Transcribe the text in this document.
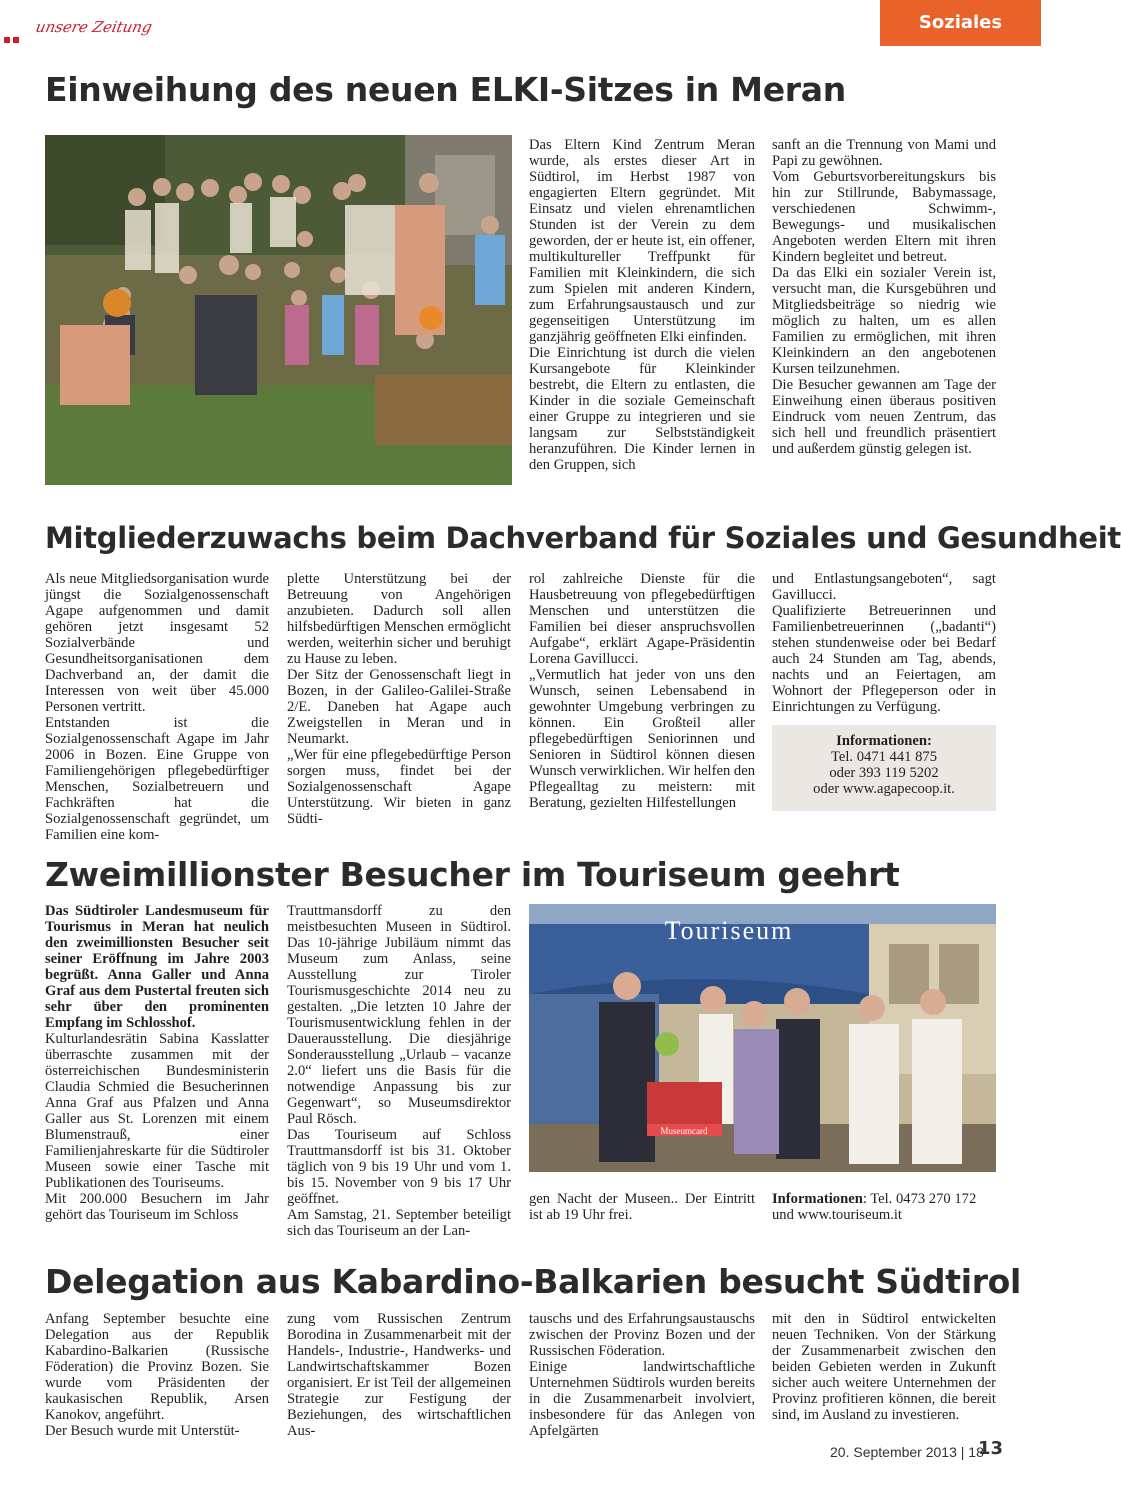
unsere Zeitung	Soziales
Einweihung des neuen ELKI-Sitzes in Meran

Das Eltern Kind Zentrum Meran wurde, als erstes dieser Art in Südtirol, im Herbst 1987 von engagierten Eltern gegründet. Mit Einsatz und vielen ehrenamtlichen Stunden ist der Verein zu dem geworden, der er heute ist, ein offener, multikultureller Treffpunkt für Familien mit Kleinkindern, die sich zum Spielen mit anderen Kindern, zum Erfahrungsaustausch und zur gegenseitigen Unterstützung im ganzjährig geöffneten Elki einfinden.

Die Einrichtung ist durch die vielen Kursangebote für Kleinkinder bestrebt, die Eltern zu entlasten, die Kinder in die soziale Gemeinschaft einer Gruppe zu integrieren und sie langsam zur Selbstständigkeit heranzuführen. Die Kinder lernen in den Gruppen, sich

sanft an die Trennung von Mami und Papi zu gewöhnen.

Vom Geburtsvorbereitungskurs bis hin zur Stillrunde, Babymassage, verschiedenen Schwimm-, Bewegungs- und musikalischen Angeboten werden Eltern mit ihren Kindern begleitet und betreut.

Da das Elki ein sozialer Verein ist, versucht man, die Kursgebühren und Mitgliedsbeiträge so niedrig wie möglich zu halten, um es allen Familien zu ermöglichen, mit ihren Kleinkindern an den angebotenen Kursen teilzunehmen.

Die Besucher gewannen am Tage der Einweihung einen überaus positiven Eindruck vom neuen Zentrum, das sich hell und freundlich präsentiert und außerdem günstig gelegen ist.

Mitgliederzuwachs beim Dachverband für Soziales und Gesundheit

Als neue Mitgliedsorganisation wurde jüngst die Sozialgenossenschaft Agape aufgenommen und damit gehören jetzt insgesamt 52 Sozialverbände und Gesundheitsorganisationen dem Dachverband an, der damit die Interessen von weit über 45.000 Personen vertritt.

Entstanden ist die Sozialgenossenschaft Agape im Jahr 2006 in Bozen. Eine Gruppe von Familiengehörigen pflegebedürftiger Menschen, Sozialbetreuern und Fachkräften hat die Sozialgenossenschaft gegründet, um Familien eine kom-

plette Unterstützung bei der Betreuung von Angehörigen anzubieten. Dadurch soll allen hilfsbedürftigen Menschen ermöglicht werden, weiterhin sicher und beruhigt zu Hause zu leben.

Der Sitz der Genossenschaft liegt in Bozen, in der Galileo-Galilei-Straße 2/E. Daneben hat Agape auch Zweigstellen in Meran und in Neumarkt.

„Wer für eine pflegebedürftige Person sorgen muss, findet bei der Sozialgenossenschaft Agape Unterstützung. Wir bieten in ganz Südti-

rol zahlreiche Dienste für die Hausbetreuung von pflegebedürftigen Menschen und unterstützen die Familien bei dieser anspruchsvollen Aufgabe“, erklärt Agape-Präsidentin Lorena Gavillucci.

„Vermutlich hat jeder von uns den Wunsch, seinen Lebensabend in gewohnter Umgebung verbringen zu können. Ein Großteil aller pflegebedürftigen Seniorinnen und Senioren in Südtirol können diesen Wunsch verwirklichen. Wir helfen den Pflegealltag zu meistern: mit Beratung, gezielten Hilfestellungen

und Entlastungsangeboten“, sagt Gavillucci.

Qualifizierte Betreuerinnen und Familienbetreuerinnen („badanti“) stehen stundenweise oder bei Bedarf auch 24 Stunden am Tag, abends, nachts und an Feiertagen, am Wohnort der Pflegeperson oder in Einrichtungen zu Verfügung.

Informationen:
Tel. 0471 441 875
oder 393 119 5202
oder www.agapecoop.it.
Zweimillionster Besucher im Touriseum geehrt

Das Südtiroler Landesmuseum für Tourismus in Meran hat neulich den zweimillionsten Besucher seit seiner Eröffnung im Jahre 2003 begrüßt. Anna Galler und Anna Graf aus dem Pustertal freuten sich sehr über den prominenten Empfang im Schlosshof.

Kulturlandesrätin Sabina Kasslatter überraschte zusammen mit der österreichischen Bundesministerin Claudia Schmied die Besucherinnen Anna Graf aus Pfalzen und Anna Galler aus St. Lorenzen mit einem Blumenstrauß, einer Familienjahreskarte für die Südtiroler Museen sowie einer Tasche mit Publikationen des Touriseums.

Mit 200.000 Besuchern im Jahr gehört das Touriseum im Schloss

Trauttmansdorff zu den meistbesuchten Museen in Südtirol. Das 10-jährige Jubiläum nimmt das Museum zum Anlass, seine Ausstellung zur Tiroler Tourismusgeschichte 2014 neu zu gestalten. „Die letzten 10 Jahre der Tourismusentwicklung fehlen in der Dauerausstellung. Die diesjährige Sonderausstellung „Urlaub – vacanze 2.0“ liefert uns die Basis für die notwendige Anpassung bis zur Gegenwart“, so Museumsdirektor Paul Rösch.

Das Touriseum auf Schloss Trauttmansdorff ist bis 31. Oktober täglich von 9 bis 19 Uhr und vom 1. bis 15. November von 9 bis 17 Uhr geöffnet.

Am Samstag, 21. September beteiligt sich das Touriseum an der Lan-

Touriseum
Museumcard

gen Nacht der Museen.. Der Eintritt ist ab 19 Uhr frei.

Informationen: Tel. 0473 270 172 und www.touriseum.it

Delegation aus Kabardino-Balkarien besucht Südtirol

Anfang September besuchte eine Delegation aus der Republik Kabardino-Balkarien (Russische Föderation) die Provinz Bozen. Sie wurde vom Präsidenten der kaukasischen Republik, Arsen Kanokov, angeführt.

Der Besuch wurde mit Unterstüt-

zung vom Russischen Zentrum Borodina in Zusammenarbeit mit der Handels-, Industrie-, Handwerks- und Landwirtschaftskammer Bozen organisiert. Er ist Teil der allgemeinen Strategie zur Festigung der Beziehungen, des wirtschaftlichen Aus-

tauschs und des Erfahrungsaustauschs zwischen der Provinz Bozen und der Russischen Föderation.

Einige landwirtschaftliche Unternehmen Südtirols wurden bereits in die Zusammenarbeit involviert, insbesondere für das Anlegen von Apfelgärten

mit den in Südtirol entwickelten neuen Techniken. Von der Stärkung der Zusammenarbeit zwischen den beiden Gebieten werden in Zukunft sicher auch weitere Unternehmen der Provinz profitieren können, die bereit sind, im Ausland zu investieren.

20. September 2013 | 18
13
